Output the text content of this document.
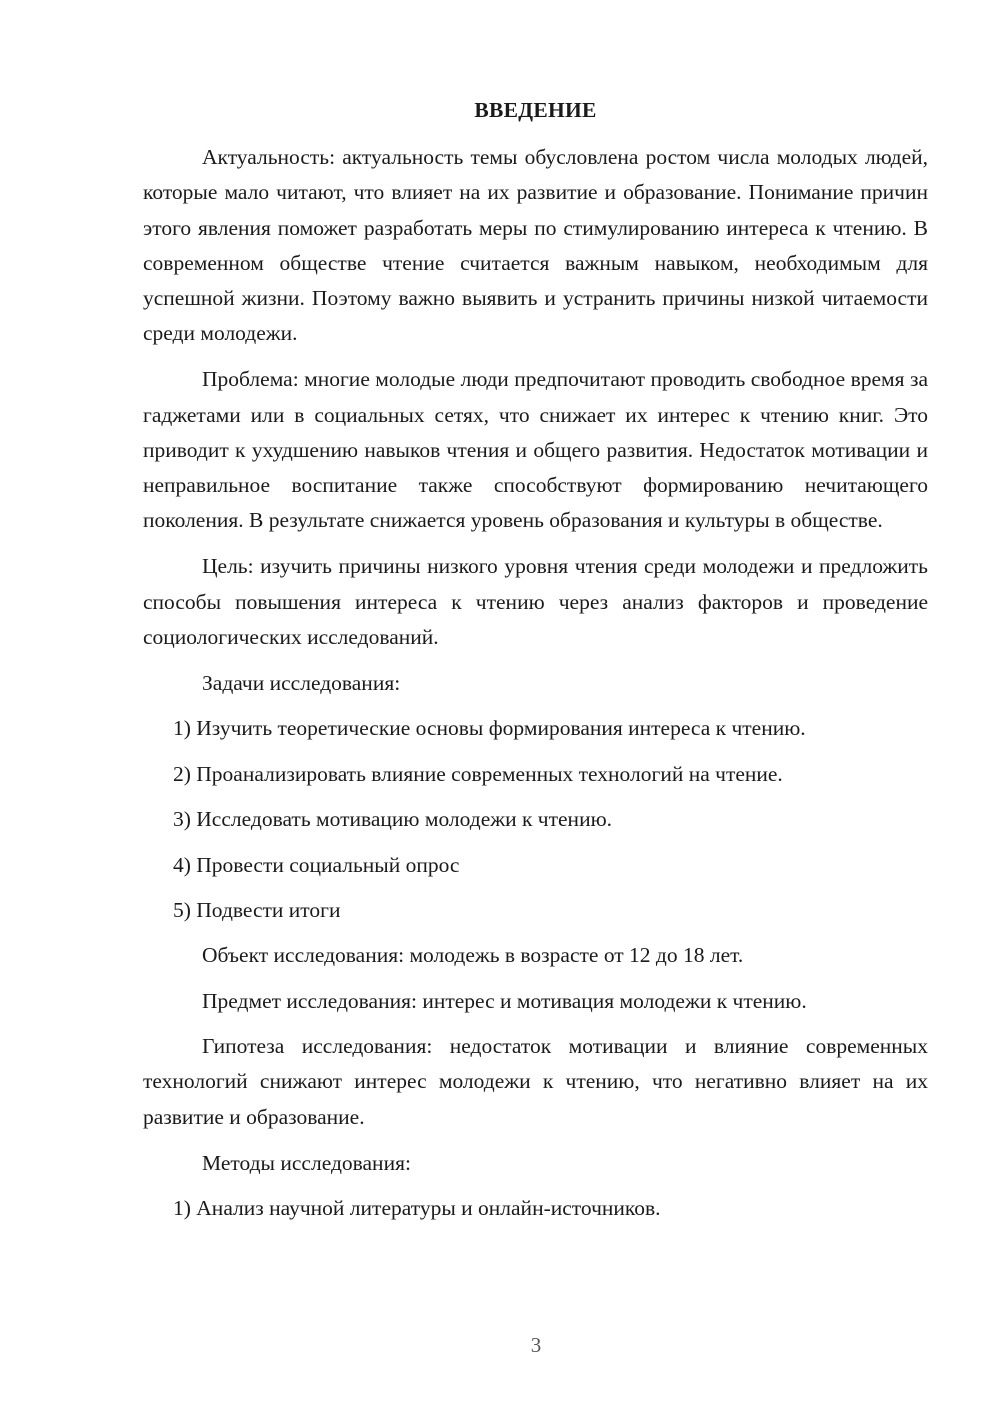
ВВЕДЕНИЕ

Актуальность: актуальность темы обусловлена ростом числа молодых людей, которые мало читают, что влияет на их развитие и образование. Понимание причин этого явления поможет разработать меры по стимулированию интереса к чтению. В современном обществе чтение считается важным навыком, необходимым для успешной жизни. Поэтому важно выявить и устранить причины низкой читаемости среди молодежи.

Проблема: многие молодые люди предпочитают проводить свободное время за гаджетами или в социальных сетях, что снижает их интерес к чтению книг. Это приводит к ухудшению навыков чтения и общего развития. Недостаток мотивации и неправильное воспитание также способствуют формированию нечитающего поколения. В результате снижается уровень образования и культуры в обществе.

Цель: изучить причины низкого уровня чтения среди молодежи и предложить способы повышения интереса к чтению через анализ факторов и проведение социологических исследований.

Задачи исследования:
1) Изучить теоретические основы формирования интереса к чтению.
2) Проанализировать влияние современных технологий на чтение.
3) Исследовать мотивацию молодежи к чтению.
4) Провести социальный опрос
5) Подвести итоги
Объект исследования: молодежь в возрасте от 12 до 18 лет.
Предмет исследования: интерес и мотивация молодежи к чтению.

Гипотеза исследования: недостаток мотивации и влияние современных технологий снижают интерес молодежи к чтению, что негативно влияет на их развитие и образование.

Методы исследования:
1) Анализ научной литературы и онлайн-источников.
3
